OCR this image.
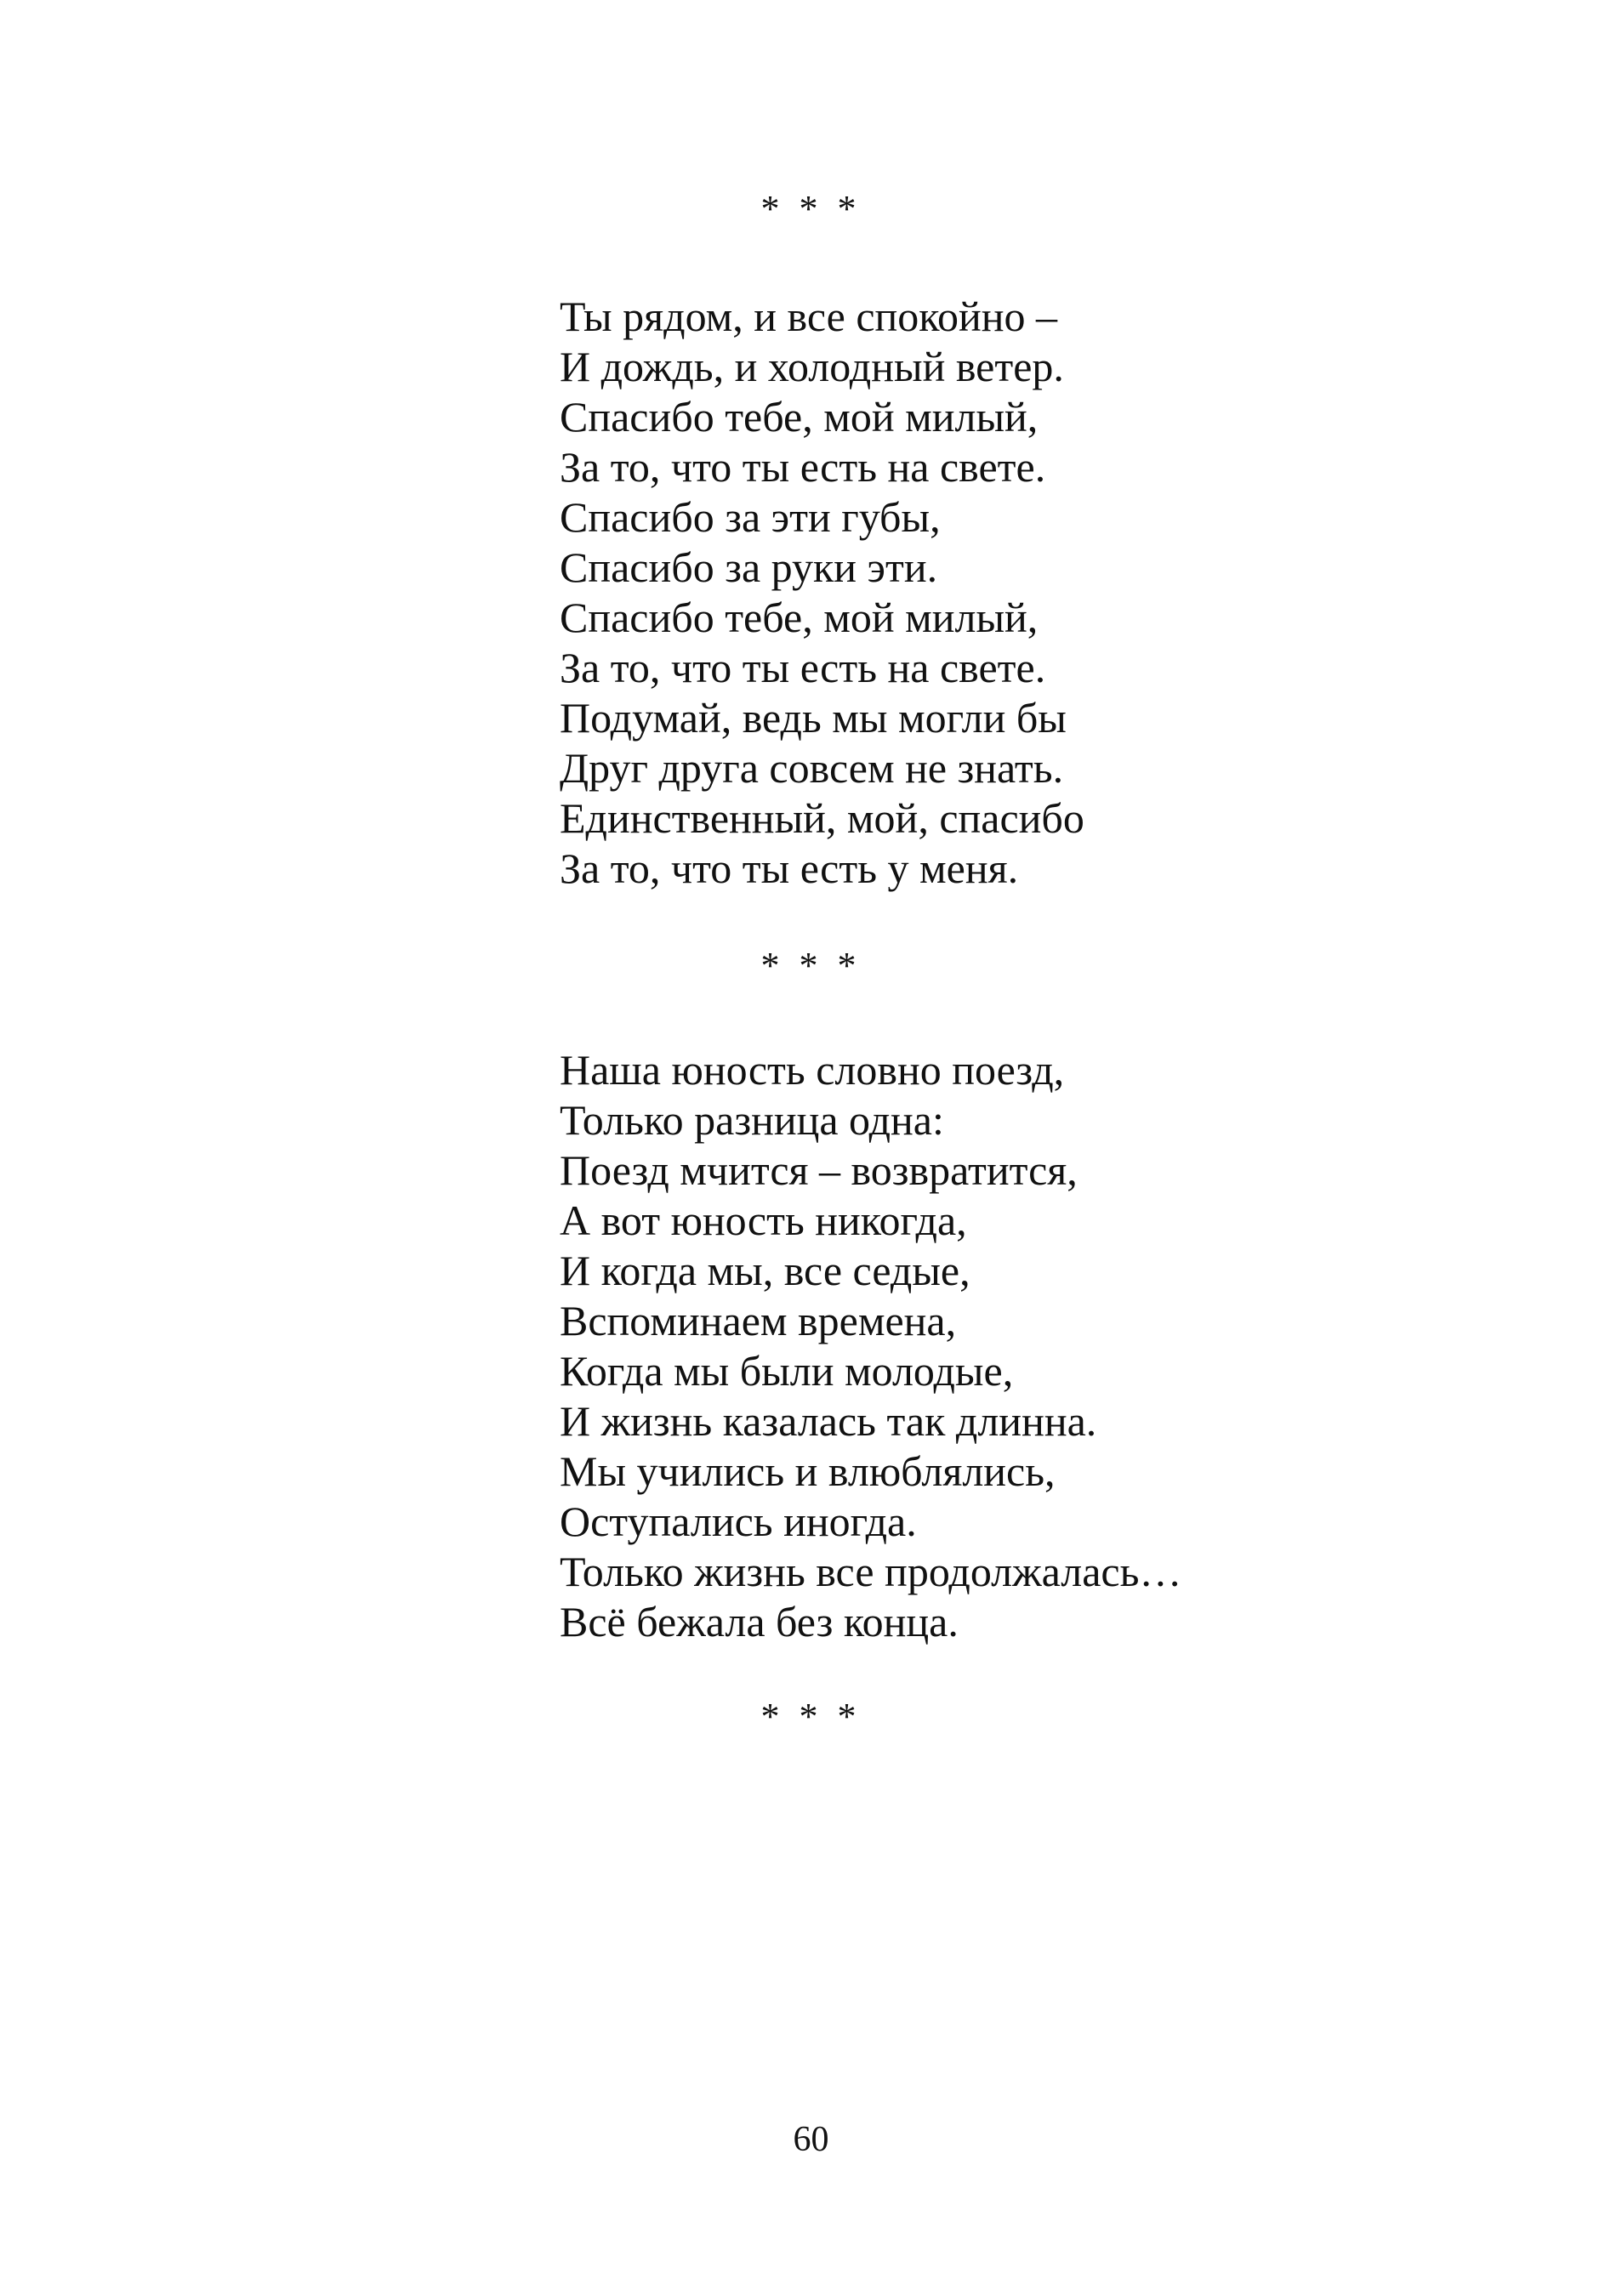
* * *
Ты рядом, и все спокойно –
И дождь, и холодный ветер.
Спасибо тебе, мой милый,
За то, что ты есть на свете.
Спасибо за эти губы,
Спасибо за руки эти.
Спасибо тебе, мой милый,
За то, что ты есть на свете.
Подумай, ведь мы могли бы
Друг друга совсем не знать.
Единственный, мой, спасибо
За то, что ты есть у меня.
* * *
Наша юность словно поезд,
Только разница одна:
Поезд мчится – возвратится,
А вот юность никогда,
И когда мы, все седые,
Вспоминаем времена,
Когда мы были молодые,
И жизнь казалась так длинна.
Мы учились и влюблялись,
Оступались иногда.
Только жизнь все продолжалась…
Всё бежала без конца.
* * *
60
